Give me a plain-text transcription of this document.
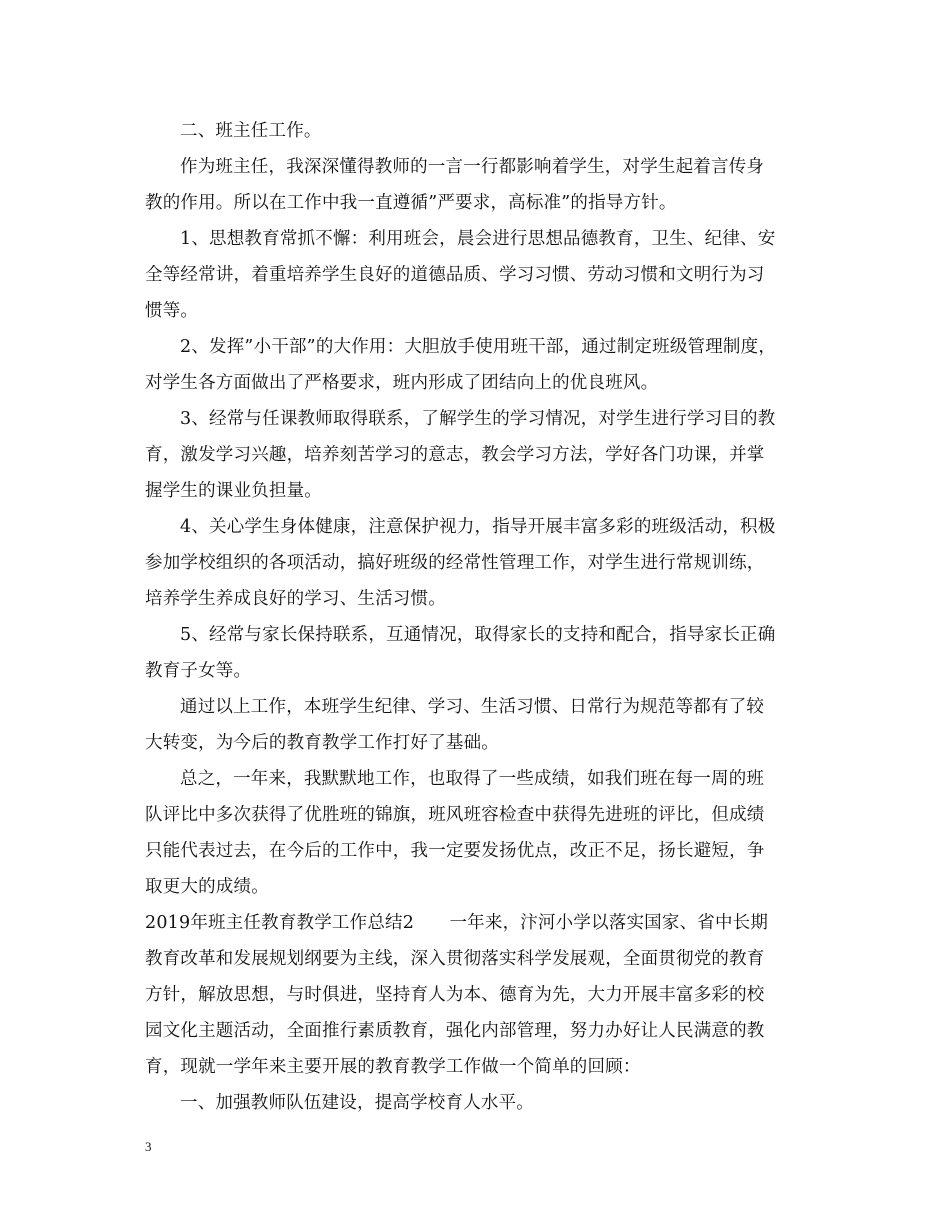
二、班主任工作。
作为班主任，我深深懂得教师的一言一行都影响着学生，对学生起着言传身
教的作用。所以在工作中我一直遵循”严要求，高标准”的指导方针。
1、思想教育常抓不懈：利用班会，晨会进行思想品德教育，卫生、纪律、安
全等经常讲，着重培养学生良好的道德品质、学习习惯、劳动习惯和文明行为习
惯等。
2、发挥”小干部”的大作用：大胆放手使用班干部，通过制定班级管理制度，
对学生各方面做出了严格要求，班内形成了团结向上的优良班风。
3、经常与任课教师取得联系，了解学生的学习情况，对学生进行学习目的教
育，激发学习兴趣，培养刻苦学习的意志，教会学习方法，学好各门功课，并掌
握学生的课业负担量。
4、关心学生身体健康，注意保护视力，指导开展丰富多彩的班级活动，积极
参加学校组织的各项活动，搞好班级的经常性管理工作，对学生进行常规训练，
培养学生养成良好的学习、生活习惯。
5、经常与家长保持联系，互通情况，取得家长的支持和配合，指导家长正确
教育子女等。
通过以上工作，本班学生纪律、学习、生活习惯、日常行为规范等都有了较
大转变，为今后的教育教学工作打好了基础。
总之，一年来，我默默地工作，也取得了一些成绩，如我们班在每一周的班
队评比中多次获得了优胜班的锦旗，班风班容检查中获得先进班的评比，但成绩
只能代表过去，在今后的工作中，我一定要发扬优点，改正不足，扬长避短，争
取更大的成绩。
2019年班主任教育教学工作总结2　　一年来，汴河小学以落实国家、省中长期
教育改革和发展规划纲要为主线，深入贯彻落实科学发展观，全面贯彻党的教育
方针，解放思想，与时俱进，坚持育人为本、德育为先，大力开展丰富多彩的校
园文化主题活动，全面推行素质教育，强化内部管理，努力办好让人民满意的教
育，现就一学年来主要开展的教育教学工作做一个简单的回顾：
一、加强教师队伍建设，提高学校育人水平。
3
